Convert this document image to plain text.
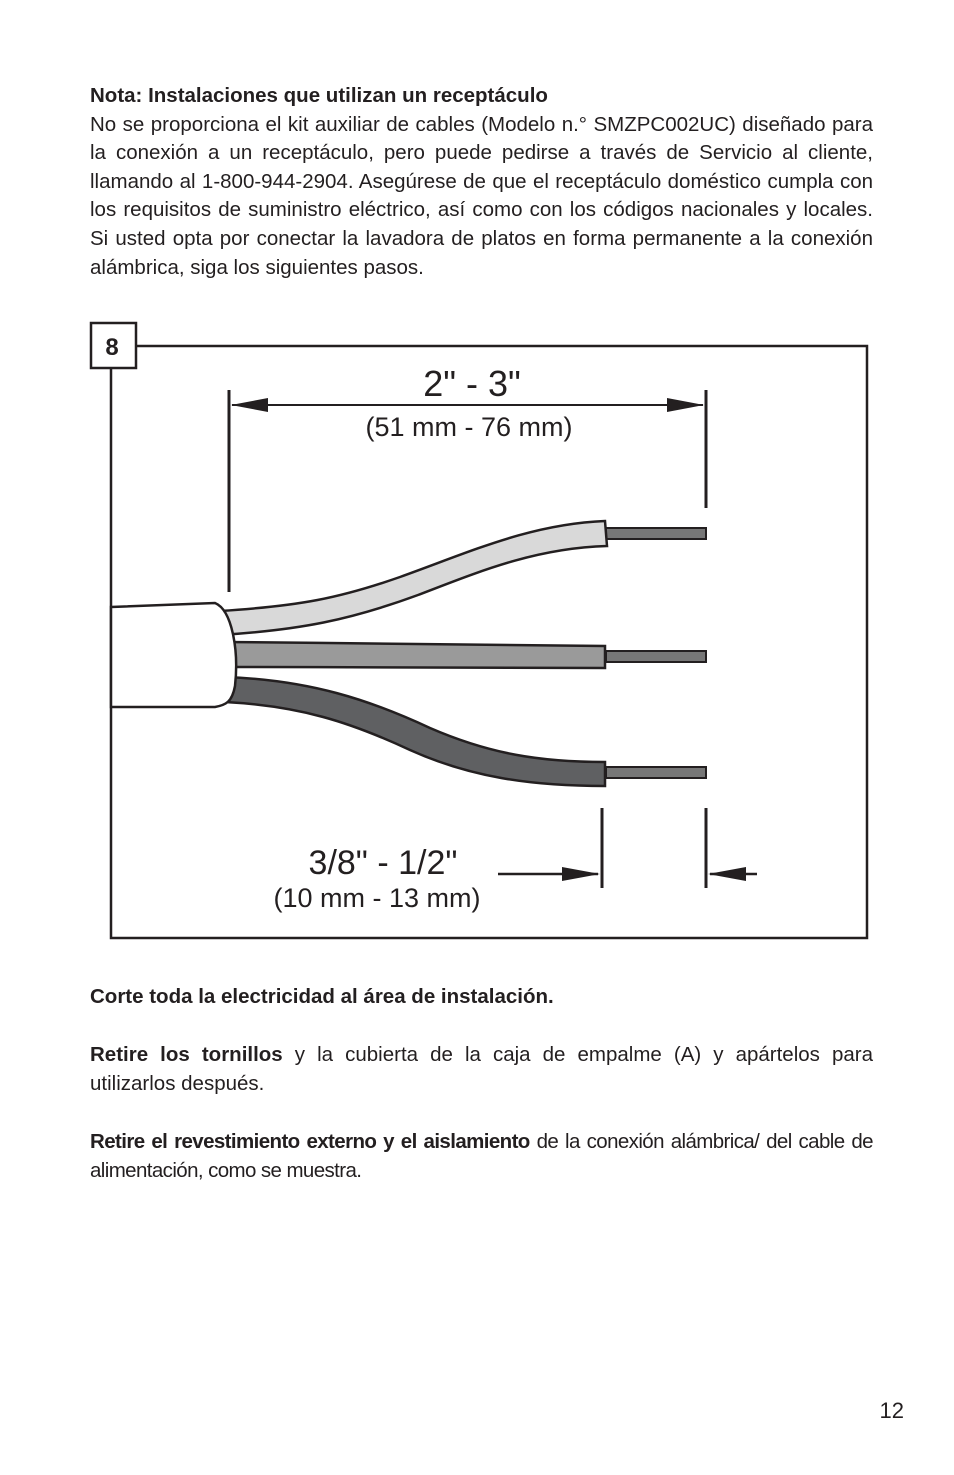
Nota: Instalaciones que utilizan un receptáculo
No se proporciona el kit auxiliar de cables (Modelo n.° SMZPC002UC) diseñado para la conexión a un receptáculo, pero puede pedirse a través de Servicio al cliente, llamando al 1-800-944-2904. Asegúrese de que el receptáculo doméstico cumpla con los requisitos de suministro eléctrico, así como con los códigos nacionales y locales. Si usted opta por conectar la lavadora de platos en forma permanente a la conexión alámbrica, siga los siguientes pasos.
8
2" - 3"
(51 mm - 76 mm)
3/8" - 1/2"
(10 mm - 13 mm)

Corte toda la electricidad al área de instalación.

Retire los tornillos y la cubierta de la caja de empalme (A) y apártelos para utilizarlos después.

Retire el revestimiento externo y el aislamiento de la conexión alámbrica/ del cable de alimentación, como se muestra.

12
